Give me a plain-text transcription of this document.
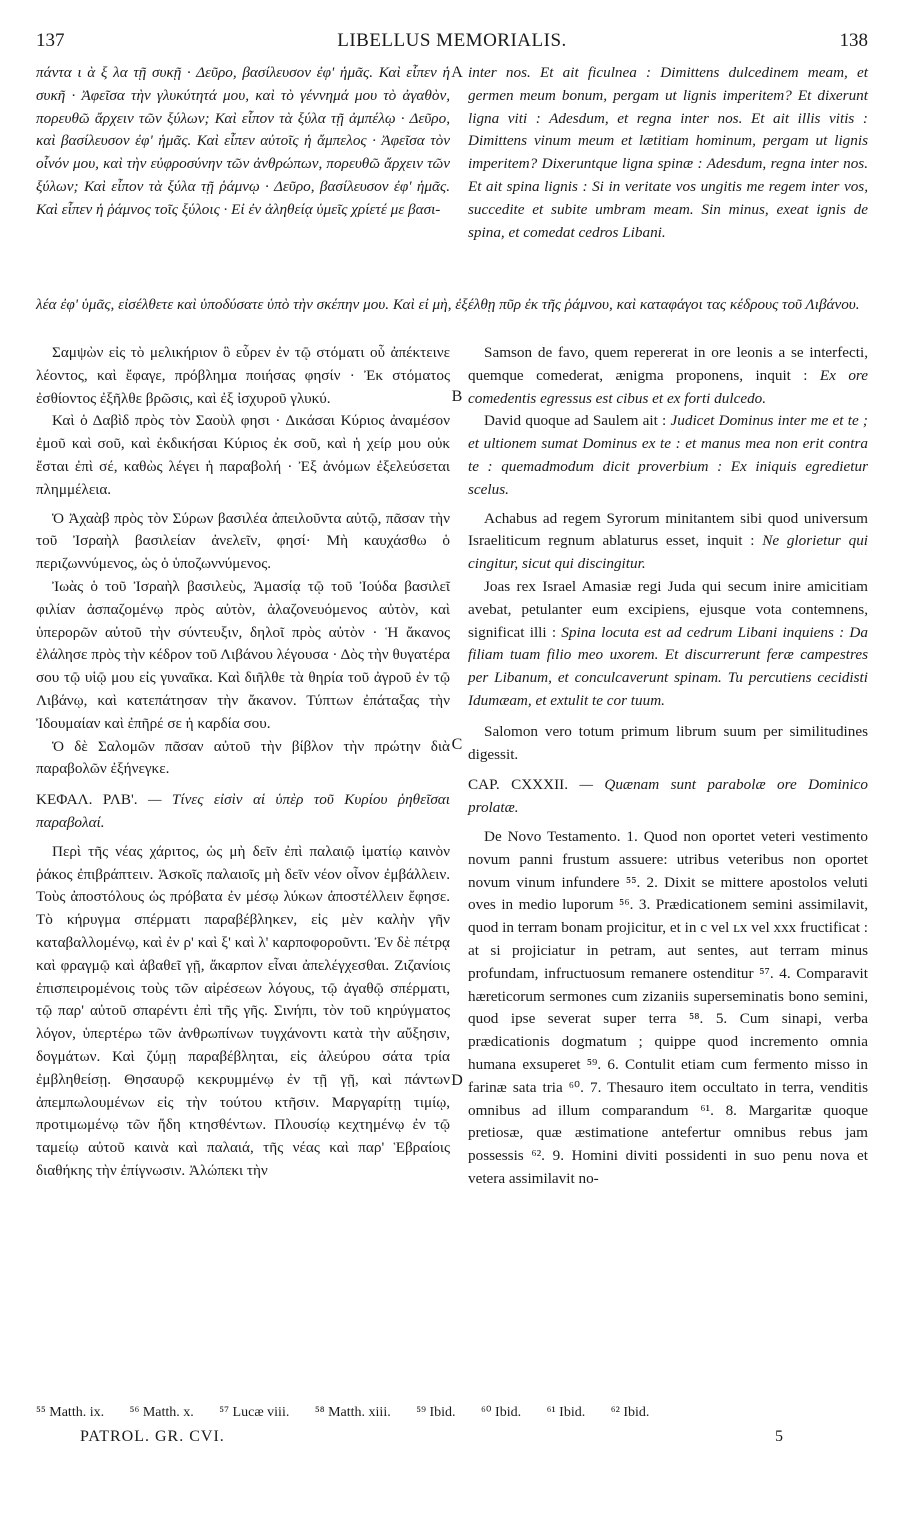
137	LIBELLUS MEMORIALIS.	138

πάντα ι ὰ ξ λα τῇ συκῇ · Δεῦρο, βασίλευσον ἐφ' ἡμᾶς. Καὶ εἶπεν ἡ συκῆ · Ἀφεῖσα τὴν γλυκύτητά μου, καὶ τὸ γέννημά μου τὸ ἀγαθὸν, πορευθῶ ἄρχειν τῶν ξύλων; Καὶ εἶπον τὰ ξύλα τῇ ἀμπέλῳ · Δεῦρο, καὶ βασίλευσον ἐφ' ἡμᾶς. Καὶ εἶπεν αὐτοῖς ἡ ἄμπελος · Ἀφεῖσα τὸν οἶνόν μου, καὶ τὴν εὐφροσύνην τῶν ἀνθρώπων, πορευθῶ ἄρχειν τῶν ξύλων; Καὶ εἶπον τὰ ξύλα τῇ ῥάμνῳ · Δεῦρο, βασίλευσον ἐφ' ἡμᾶς. Καὶ εἶπεν ἡ ῥάμνος τοῖς ξύλοις · Εἰ ἐν ἀληθείᾳ ὑμεῖς χρίετέ με βασι-

inter nos. Et ait ficulnea : Dimittens dulcedinem meam, et germen meum bonum, pergam ut lignis imperitem? Et dixerunt ligna viti : Adesdum, et regna inter nos. Et ait illis vitis : Dimittens vinum meum et lætitiam hominum, pergam ut lignis imperitem? Dixeruntque ligna spinæ : Adesdum, regna inter nos. Et ait spina lignis : Si in veritate vos ungitis me regem inter vos, succedite et subite umbram meam. Sin minus, exeat ignis de spina, et comedat cedros Libani.

λέα ἐφ' ὑμᾶς, εἰσέλθετε καὶ ὑποδύσατε ὑπὸ τὴν σκέπην μου. Καὶ εἰ μὴ, ἐξέλθῃ πῦρ ἐκ τῆς ῥάμνου, καὶ καταφάγοι τας κέδρους τοῦ Λιβάνου.

Σαμψὼν εἰς τὸ μελικήριον ὃ εὗρεν ἐν τῷ στόματι οὗ ἀπέκτεινε λέοντος, καὶ ἔφαγε, πρόβλημα ποιήσας φησίν · Ἐκ στόματος ἐσθίοντος ἐξῆλθε βρῶσις, καὶ ἐξ ἰσχυροῦ γλυκύ.

Καὶ ὁ Δαβὶδ πρὸς τὸν Σαοὺλ φησι · Δικάσαι Κύριος ἀναμέσον ἐμοῦ καὶ σοῦ, καὶ ἐκδικήσαι Κύριος ἐκ σοῦ, καὶ ἡ χείρ μου οὐκ ἔσται ἐπὶ σέ, καθὼς λέγει ἡ παραβολή · Ἐξ ἀνόμων ἐξελεύσεται πλημμέλεια.

Ὁ Ἀχαὰβ πρὸς τὸν Σύρων βασιλέα ἀπειλοῦντα αὐτῷ, πᾶσαν τὴν τοῦ Ἰσραὴλ βασιλείαν ἀνελεῖν, φησί· Μὴ καυχάσθω ὁ περιζωννύμενος, ὡς ὁ ὑποζωννύμενος.

Ἰωὰς ὁ τοῦ Ἰσραὴλ βασιλεὺς, Ἀμασίᾳ τῷ τοῦ Ἰούδα βασιλεῖ φιλίαν ἀσπαζομένῳ πρὸς αὐτὸν, ἀλαζονευόμενος αὐτὸν, καὶ ὑπερορῶν αὐτοῦ τὴν σύντευξιν, δηλοῖ πρὸς αὐτὸν · Ἡ ἄκανος ἐλάλησε πρὸς τὴν κέδρον τοῦ Λιβάνου λέγουσα · Δὸς τὴν θυγατέρα σου τῷ υἱῷ μου εἰς γυναῖκα. Καὶ διῆλθε τὰ θηρία τοῦ ἀγροῦ ἐν τῷ Λιβάνῳ, καὶ κατεπάτησαν τὴν ἄκανον. Τύπτων ἐπάταξας τὴν Ἰδουμαίαν καὶ ἐπῆρέ σε ἡ καρδία σου.

Ὁ δὲ Σαλομῶν πᾶσαν αὐτοῦ τὴν βίβλον τὴν πρώτην διὰ παραβολῶν ἐξήνεγκε.

ΚΕΦΑΛ. ΡΛΒ'. — Τίνες εἰσὶν αἱ ὑπὲρ τοῦ Κυρίου ῥηθεῖσαι παραβολαί.

Περὶ τῆς νέας χάριτος, ὡς μὴ δεῖν ἐπὶ παλαιῷ ἱματίῳ καινὸν ῥάκος ἐπιβράπτειν. Ἀσκοῖς παλαιοῖς μὴ δεῖν νέον οἶνον ἐμβάλλειν. Τοὺς ἀποστόλους ὡς πρόβατα ἐν μέσῳ λύκων ἀποστέλλειν ἔφησε. Τὸ κήρυγμα σπέρματι παραβέβληκεν, εἰς μὲν καλὴν γῆν καταβαλλομένῳ, καὶ ἐν ρ' καὶ ξ' καὶ λ' καρποφοροῦντι. Ἐν δὲ πέτρᾳ καὶ φραγμῷ καὶ ἀβαθεῖ γῇ, ἄκαρπον εἶναι ἀπελέγχεσθαι. Ζιζανίοις ἐπισπειρομένοις τοὺς τῶν αἱρέσεων λόγους, τῷ ἀγαθῷ σπέρματι, τῷ παρ' αὐτοῦ σπαρέντι ἐπὶ τῆς γῆς. Σινήπι, τὸν τοῦ κηρύγματος λόγον, ὑπερτέρω τῶν ἀνθρωπίνων τυγχάνοντι κατὰ τὴν αὔξησιν, δογμάτων. Καὶ ζύμῃ παραβέβληται, εἰς ἀλεύρου σάτα τρία ἐμβληθείσῃ. Θησαυρῷ κεκρυμμένῳ ἐν τῇ γῇ, καὶ πάντων ἀπεμπωλουμένων εἰς τὴν τούτου κτῆσιν. Μαργαρίτῃ τιμίῳ, προτιμωμένῳ τῶν ἤδη κτησθέντων. Πλουσίῳ κεχτημένῳ ἐν τῷ ταμείῳ αὐτοῦ καινὰ καὶ παλαιά, τῆς νέας καὶ παρ' Ἑβραίοις διαθήκης τὴν ἐπίγνωσιν. Ἀλώπεκι τὴν

Samson de favo, quem repererat in ore leonis a se interfecti, quemque comederat, ænigma proponens, inquit : Ex ore comedentis egressus est cibus et ex forti dulcedo.

David quoque ad Saulem ait : Judicet Dominus inter me et te ; et ultionem sumat Dominus ex te : et manus mea non erit contra te : quemadmodum dicit proverbium : Ex iniquis egredietur scelus.

Achabus ad regem Syrorum minitantem sibi quod universum Israeliticum regnum ablaturus esset, inquit : Ne glorietur qui cingitur, sicut qui discingitur.

Joas rex Israel Amasiæ regi Juda qui secum inire amicitiam avebat, petulanter eum excipiens, ejusque vota contemnens, significat illi : Spina locuta est ad cedrum Libani inquiens : Da filiam tuam filio meo uxorem. Et discurrerunt feræ campestres per Libanum, et conculcaverunt spinam. Tu percutiens cecidisti Idumæam, et extulit te cor tuum.

Salomon vero totum primum librum suum per similitudines digessit.

CAP. CXXXII. — Quænam sunt parabolæ ore Dominico prolatæ.

De Novo Testamento. 1. Quod non oportet veteri vestimento novum panni frustum assuere: utribus veteribus non oportet novum vinum infundere ⁵⁵. 2. Dixit se mittere apostolos veluti oves in medio luporum ⁵⁶. 3. Prædicationem semini assimilavit, quod in terram bonam projicitur, et in c vel ʟx vel xxx fructificat : at si projiciatur in petram, aut sentes, aut terram minus profundam, infructuosum remanere ostenditur ⁵⁷. 4. Comparavit hæreticorum sermones cum zizaniis superseminatis bono semini, quod ipse severat super terra ⁵⁸. 5. Cum sinapi, verba prædicationis dogmatum ; quippe quod incremento omnia humana exsuperet ⁵⁹. 6. Contulit etiam cum fermento misso in farinæ sata tria ⁶⁰. 7. Thesauro item occultato in terra, venditis omnibus ad illum comparandum ⁶¹. 8. Margaritæ quoque pretiosæ, quæ æstimatione antefertur omnibus rebus jam possessis ⁶². 9. Homini diviti possidenti in suo penu nova et vetera assimilavit no-

A
B
C
D
⁵⁵ Matth. ix. ⁵⁶ Matth. x. ⁵⁷ Lucæ viii. ⁵⁸ Matth. xiii. ⁵⁹ Ibid. ⁶⁰ Ibid. ⁶¹ Ibid. ⁶² Ibid.
PATROL. GR. CVI.	5
